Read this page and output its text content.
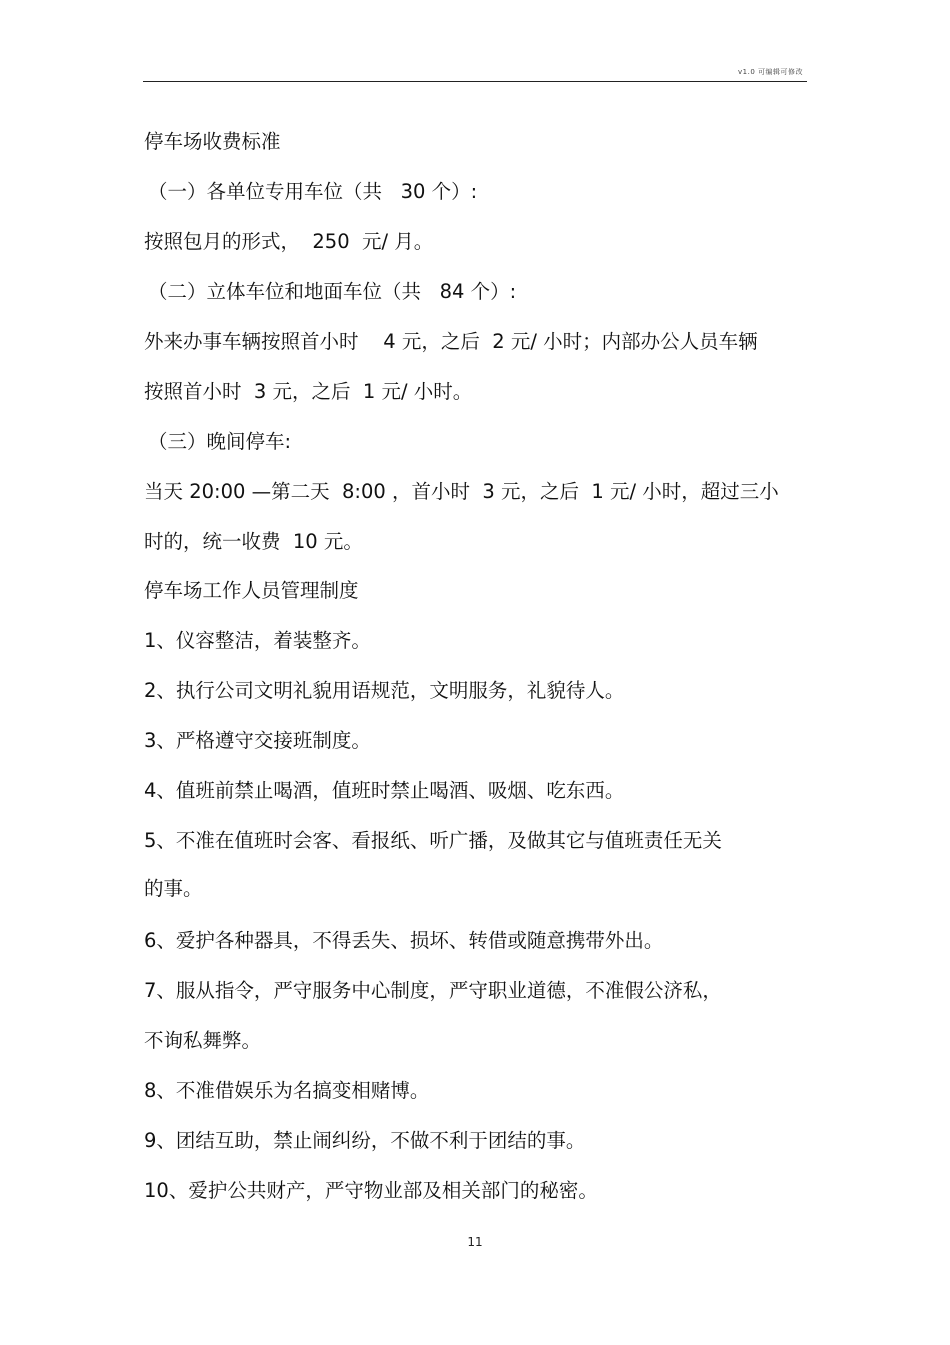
v1.0 可编辑可修改
停车场收费标准
（一）各单位专用车位（共   30 个）:
按照包月的形式，  250  元/ 月。
（二）立体车位和地面车位（共   84 个）:
外来办事车辆按照首小时    4 元，之后  2 元/ 小时；内部办公人员车辆
按照首小时  3 元，之后  1 元/ 小时。
（三）晚间停车:
当天 20:00 —第二天  8:00 ，首小时  3 元，之后  1 元/ 小时，超过三小
时的，统一收费  10 元。
停车场工作人员管理制度
1、仪容整洁，着装整齐。
2、执行公司文明礼貌用语规范，文明服务，礼貌待人。
3、严格遵守交接班制度。
4、值班前禁止喝酒，值班时禁止喝酒、吸烟、吃东西。
5、不准在值班时会客、看报纸、听广播，及做其它与值班责任无关
的事。
6、爱护各种器具，不得丢失、损坏、转借或随意携带外出。
7、服从指令，严守服务中心制度，严守职业道德，不准假公济私，
不询私舞弊。
8、不准借娱乐为名搞变相赌博。
9、团结互助，禁止闹纠纷，不做不利于团结的事。
10、爱护公共财产，严守物业部及相关部门的秘密。
11
